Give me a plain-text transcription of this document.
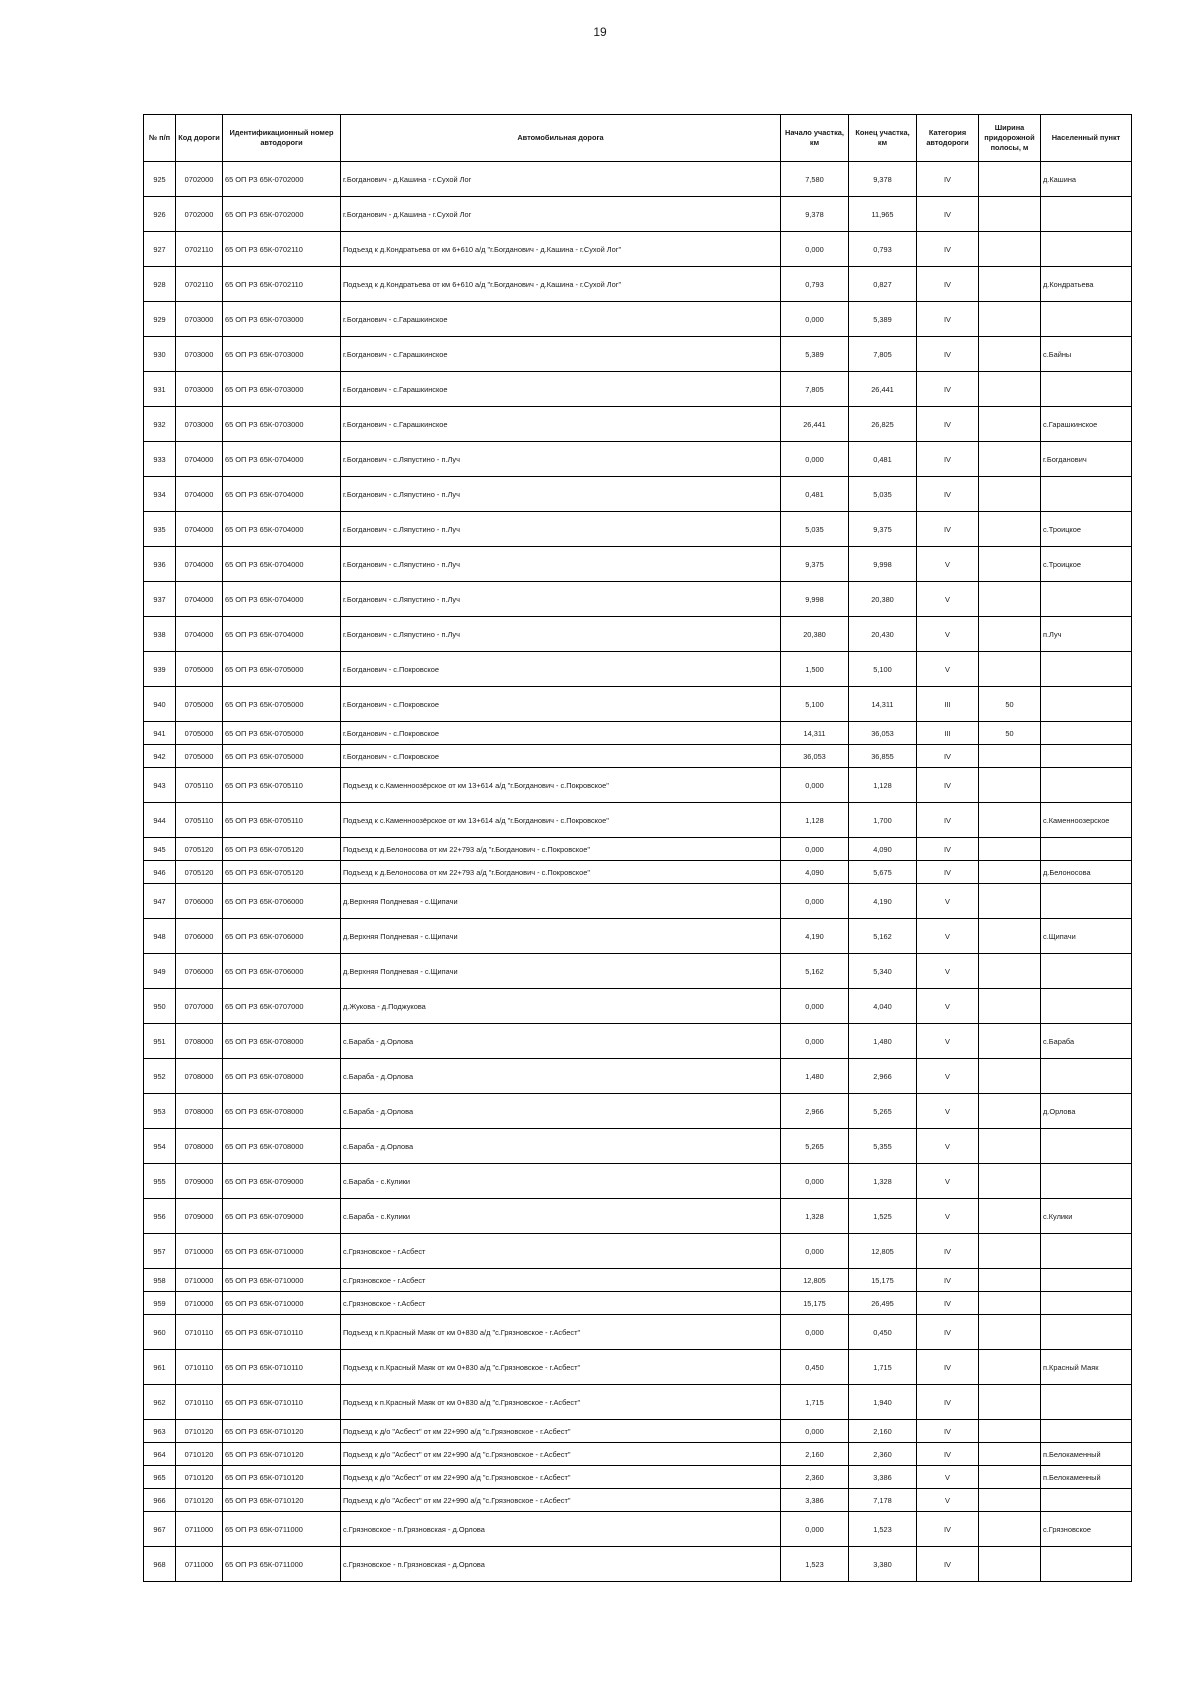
19
№ п/п	Код дороги	Идентификационный номер автодороги	Автомобильная дорога	Начало участка, км	Конец участка, км	Категория автодороги	Ширина придорожной полосы, м	Населенный пункт
925	0702000	65 ОП РЗ 65К-0702000	г.Богданович - д.Кашина - г.Сухой Лог	7,580	9,378	IV		д.Кашина
926	0702000	65 ОП РЗ 65К-0702000	г.Богданович - д.Кашина - г.Сухой Лог	9,378	11,965	IV		
927	0702110	65 ОП РЗ 65К-0702110	Подъезд к д.Кондратьева от км 6+610 а/д "г.Богданович - д.Кашина - г.Сухой Лог"	0,000	0,793	IV		
928	0702110	65 ОП РЗ 65К-0702110	Подъезд к д.Кондратьева от км 6+610 а/д "г.Богданович - д.Кашина - г.Сухой Лог"	0,793	0,827	IV		д.Кондратьева
929	0703000	65 ОП РЗ 65К-0703000	г.Богданович - с.Гарашкинское	0,000	5,389	IV		
930	0703000	65 ОП РЗ 65К-0703000	г.Богданович - с.Гарашкинское	5,389	7,805	IV		с.Байны
931	0703000	65 ОП РЗ 65К-0703000	г.Богданович - с.Гарашкинское	7,805	26,441	IV		
932	0703000	65 ОП РЗ 65К-0703000	г.Богданович - с.Гарашкинское	26,441	26,825	IV		с.Гарашкинское
933	0704000	65 ОП РЗ 65К-0704000	г.Богданович - с.Ляпустино - п.Луч	0,000	0,481	IV		г.Богданович
934	0704000	65 ОП РЗ 65К-0704000	г.Богданович - с.Ляпустино - п.Луч	0,481	5,035	IV		
935	0704000	65 ОП РЗ 65К-0704000	г.Богданович - с.Ляпустино - п.Луч	5,035	9,375	IV		с.Троицкое
936	0704000	65 ОП РЗ 65К-0704000	г.Богданович - с.Ляпустино - п.Луч	9,375	9,998	V		с.Троицкое
937	0704000	65 ОП РЗ 65К-0704000	г.Богданович - с.Ляпустино - п.Луч	9,998	20,380	V		
938	0704000	65 ОП РЗ 65К-0704000	г.Богданович - с.Ляпустино - п.Луч	20,380	20,430	V		п.Луч
939	0705000	65 ОП РЗ 65К-0705000	г.Богданович - с.Покровское	1,500	5,100	V		
940	0705000	65 ОП РЗ 65К-0705000	г.Богданович - с.Покровское	5,100	14,311	III	50	
941	0705000	65 ОП РЗ 65К-0705000	г.Богданович - с.Покровское	14,311	36,053	III	50	
942	0705000	65 ОП РЗ 65К-0705000	г.Богданович - с.Покровское	36,053	36,855	IV		
943	0705110	65 ОП РЗ 65К-0705110	Подъезд к с.Каменноозёрское от км 13+614 а/д "г.Богданович - с.Покровское"	0,000	1,128	IV		
944	0705110	65 ОП РЗ 65К-0705110	Подъезд к с.Каменноозёрское от км 13+614 а/д "г.Богданович - с.Покровское"	1,128	1,700	IV		с.Каменноозерское
945	0705120	65 ОП РЗ 65К-0705120	Подъезд к д.Белоносова от км 22+793 а/д "г.Богданович - с.Покровское"	0,000	4,090	IV		
946	0705120	65 ОП РЗ 65К-0705120	Подъезд к д.Белоносова от км 22+793 а/д "г.Богданович - с.Покровское"	4,090	5,675	IV		д.Белоносова
947	0706000	65 ОП РЗ 65К-0706000	д.Верхняя Полдневая - с.Щипачи	0,000	4,190	V		
948	0706000	65 ОП РЗ 65К-0706000	д.Верхняя Полдневая - с.Щипачи	4,190	5,162	V		с.Щипачи
949	0706000	65 ОП РЗ 65К-0706000	д.Верхняя Полдневая - с.Щипачи	5,162	5,340	V		
950	0707000	65 ОП РЗ 65К-0707000	д.Жукова - д.Поджукова	0,000	4,040	V		
951	0708000	65 ОП РЗ 65К-0708000	с.Бараба - д.Орлова	0,000	1,480	V		с.Бараба
952	0708000	65 ОП РЗ 65К-0708000	с.Бараба - д.Орлова	1,480	2,966	V		
953	0708000	65 ОП РЗ 65К-0708000	с.Бараба - д.Орлова	2,966	5,265	V		д.Орлова
954	0708000	65 ОП РЗ 65К-0708000	с.Бараба - д.Орлова	5,265	5,355	V		
955	0709000	65 ОП РЗ 65К-0709000	с.Бараба - с.Кулики	0,000	1,328	V		
956	0709000	65 ОП РЗ 65К-0709000	с.Бараба - с.Кулики	1,328	1,525	V		с.Кулики
957	0710000	65 ОП РЗ 65К-0710000	с.Грязновское - г.Асбест	0,000	12,805	IV		
958	0710000	65 ОП РЗ 65К-0710000	с.Грязновское - г.Асбест	12,805	15,175	IV		
959	0710000	65 ОП РЗ 65К-0710000	с.Грязновское - г.Асбест	15,175	26,495	IV		
960	0710110	65 ОП РЗ 65К-0710110	Подъезд к п.Красный Маяк от км 0+830 а/д "с.Грязновское - г.Асбест"	0,000	0,450	IV		
961	0710110	65 ОП РЗ 65К-0710110	Подъезд к п.Красный Маяк от км 0+830 а/д "с.Грязновское - г.Асбест"	0,450	1,715	IV		п.Красный Маяк
962	0710110	65 ОП РЗ 65К-0710110	Подъезд к п.Красный Маяк от км 0+830 а/д "с.Грязновское - г.Асбест"	1,715	1,940	IV		
963	0710120	65 ОП РЗ 65К-0710120	Подъезд к д/о "Асбест" от км 22+990 а/д "с.Грязновское - г.Асбест"	0,000	2,160	IV		
964	0710120	65 ОП РЗ 65К-0710120	Подъезд к д/о "Асбест" от км 22+990 а/д "с.Грязновское - г.Асбест"	2,160	2,360	IV		п.Белокаменный
965	0710120	65 ОП РЗ 65К-0710120	Подъезд к д/о "Асбест" от км 22+990 а/д "с.Грязновское - г.Асбест"	2,360	3,386	V		п.Белокаменный
966	0710120	65 ОП РЗ 65К-0710120	Подъезд к д/о "Асбест" от км 22+990 а/д "с.Грязновское - г.Асбест"	3,386	7,178	V		
967	0711000	65 ОП РЗ 65К-0711000	с.Грязновское - п.Грязновская - д.Орлова	0,000	1,523	IV		с.Грязновское
968	0711000	65 ОП РЗ 65К-0711000	с.Грязновское - п.Грязновская - д.Орлова	1,523	3,380	IV		
